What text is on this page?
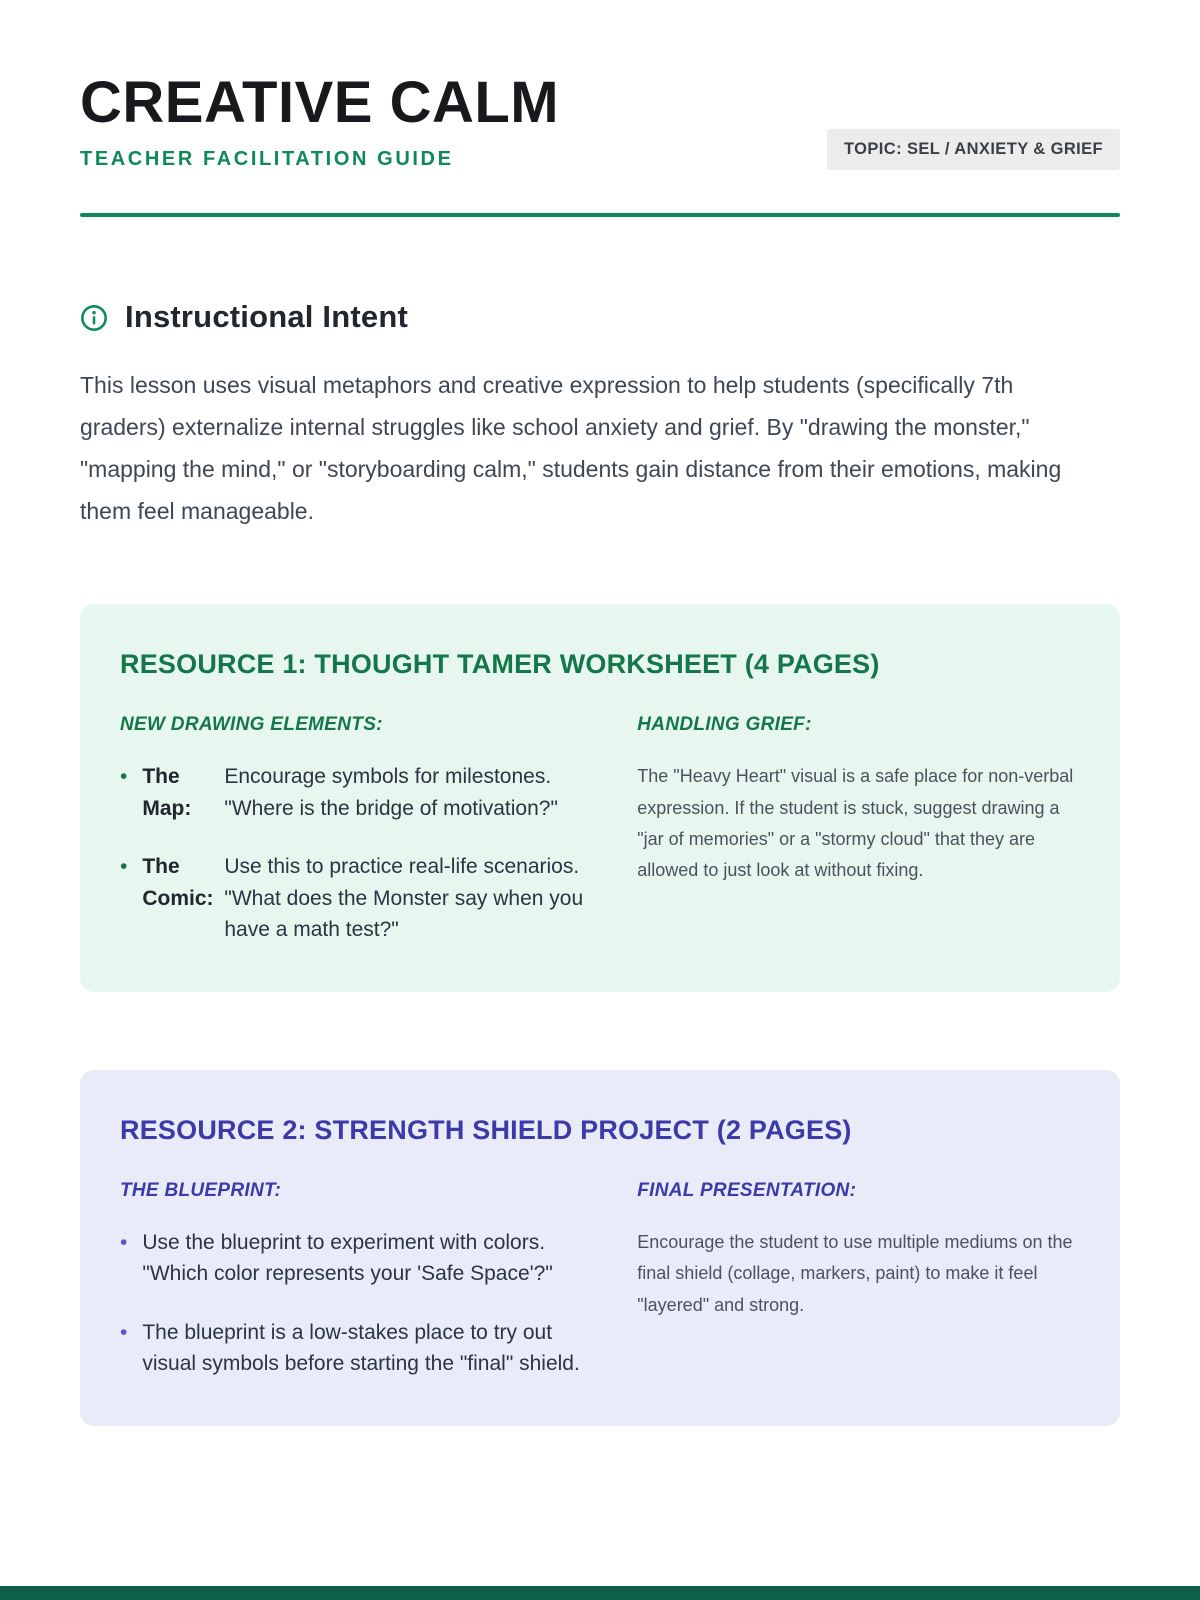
CREATIVE CALM
TEACHER FACILITATION GUIDE	TOPIC: SEL / ANXIETY & GRIEF
Instructional Intent

This lesson uses visual metaphors and creative expression to help students (specifically 7th graders) externalize internal struggles like school anxiety and grief. By "drawing the monster," "mapping the mind," or "storyboarding calm," students gain distance from their emotions, making them feel manageable.

RESOURCE 1: THOUGHT TAMER WORKSHEET (4 PAGES)
NEW DRAWING ELEMENTS:
• The Map:
Encourage symbols for milestones. "Where is the bridge of motivation?"
• The Comic:
Use this to practice real-life scenarios. "What does the Monster say when you have a math test?"
HANDLING GRIEF:
The "Heavy Heart" visual is a safe place for non-verbal expression. If the student is stuck, suggest drawing a "jar of memories" or a "stormy cloud" that they are allowed to just look at without fixing.
RESOURCE 2: STRENGTH SHIELD PROJECT (2 PAGES)
THE BLUEPRINT:
• Use the blueprint to experiment with colors. "Which color represents your 'Safe Space'?"
• The blueprint is a low-stakes place to try out visual symbols before starting the "final" shield.
FINAL PRESENTATION:
Encourage the student to use multiple mediums on the final shield (collage, markers, paint) to make it feel "layered" and strong.
